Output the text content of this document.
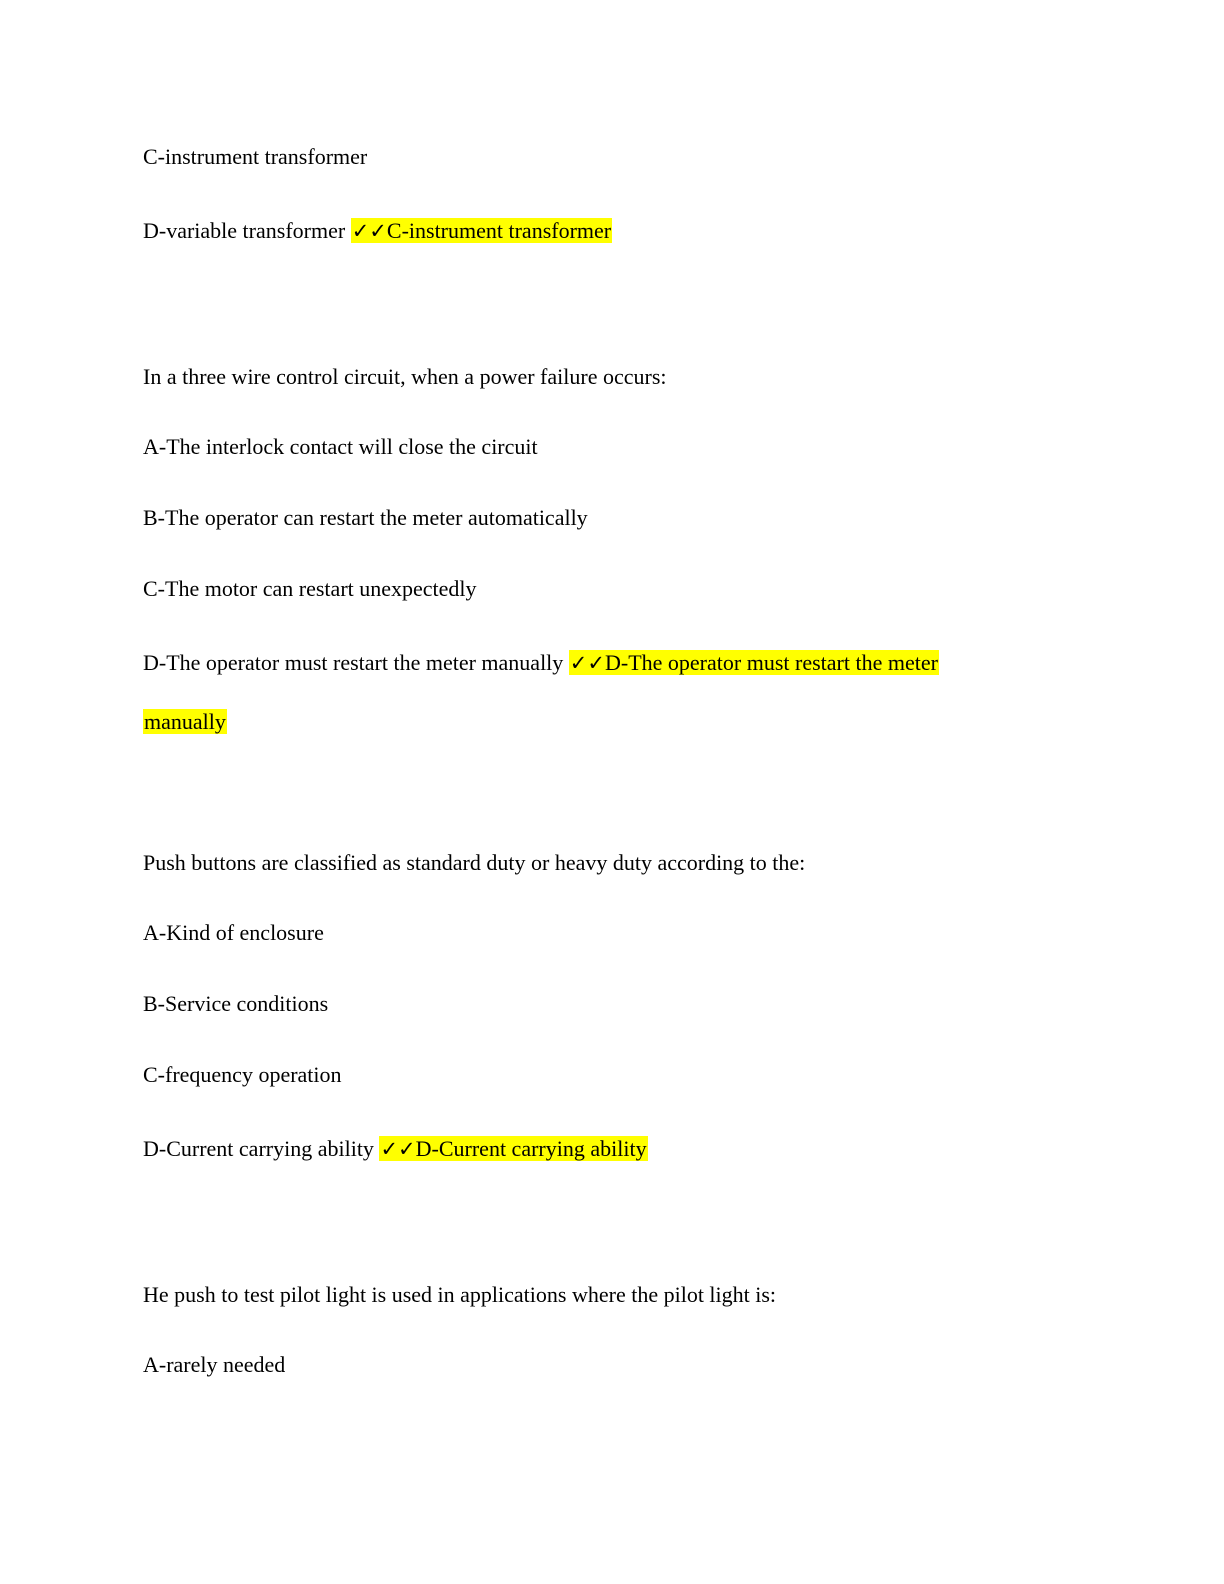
C-instrument transformer
D-variable transformer ✓✓C-instrument transformer
In a three wire control circuit, when a power failure occurs:
A-The interlock contact will close the circuit
B-The operator can restart the meter automatically
C-The motor can restart unexpectedly
D-The operator must restart the meter manually ✓✓D-The operator must restart the meter
manually
Push buttons are classified as standard duty or heavy duty according to the:
A-Kind of enclosure
B-Service conditions
C-frequency operation
D-Current carrying ability ✓✓D-Current carrying ability
He push to test pilot light is used in applications where the pilot light is:
A-rarely needed
